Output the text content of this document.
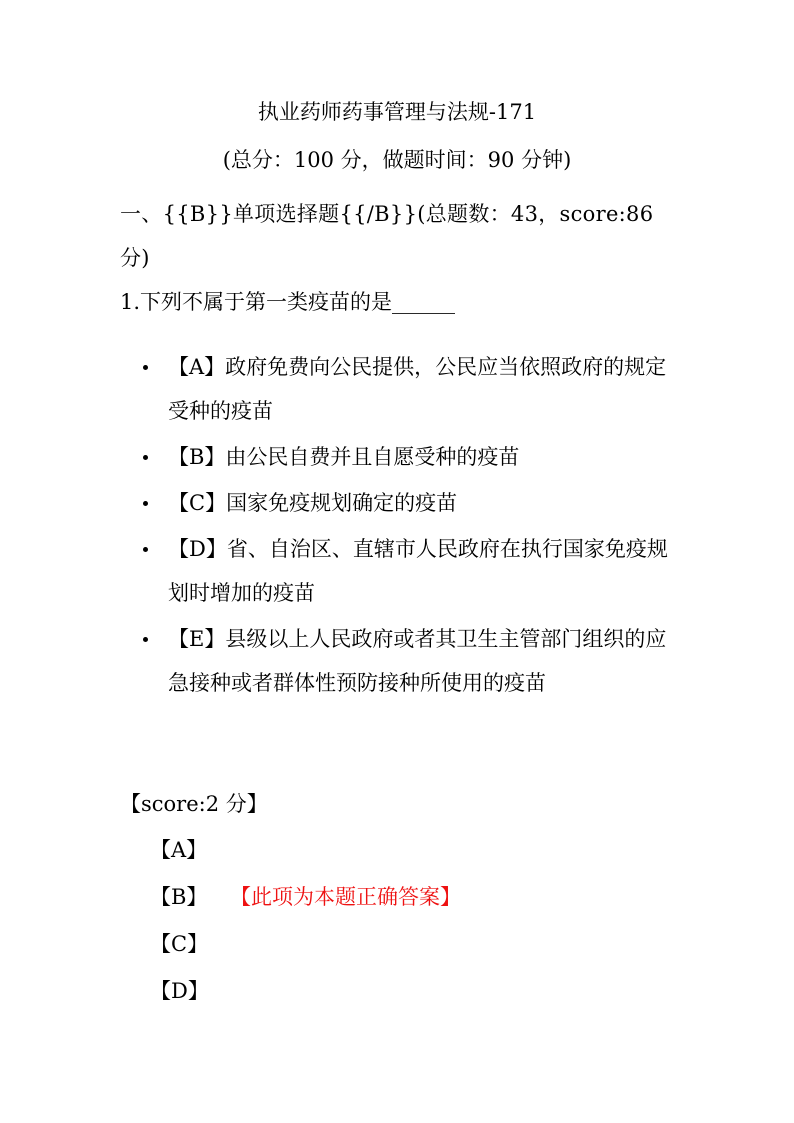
执业药师药事管理与法规-171
(总分：100 分，做题时间：90 分钟)
一、{{B}}单项选择题{{/B}}(总题数：43，score:86 分)
1.下列不属于第一类疫苗的是______
【A】政府免费向公民提供，公民应当依照政府的规定受种的疫苗
【B】由公民自费并且自愿受种的疫苗
【C】国家免疫规划确定的疫苗
【D】省、自治区、直辖市人民政府在执行国家免疫规划时增加的疫苗
【E】县级以上人民政府或者其卫生主管部门组织的应急接种或者群体性预防接种所使用的疫苗
【score:2 分】
【A】
【B】 【此项为本题正确答案】
【C】
【D】
